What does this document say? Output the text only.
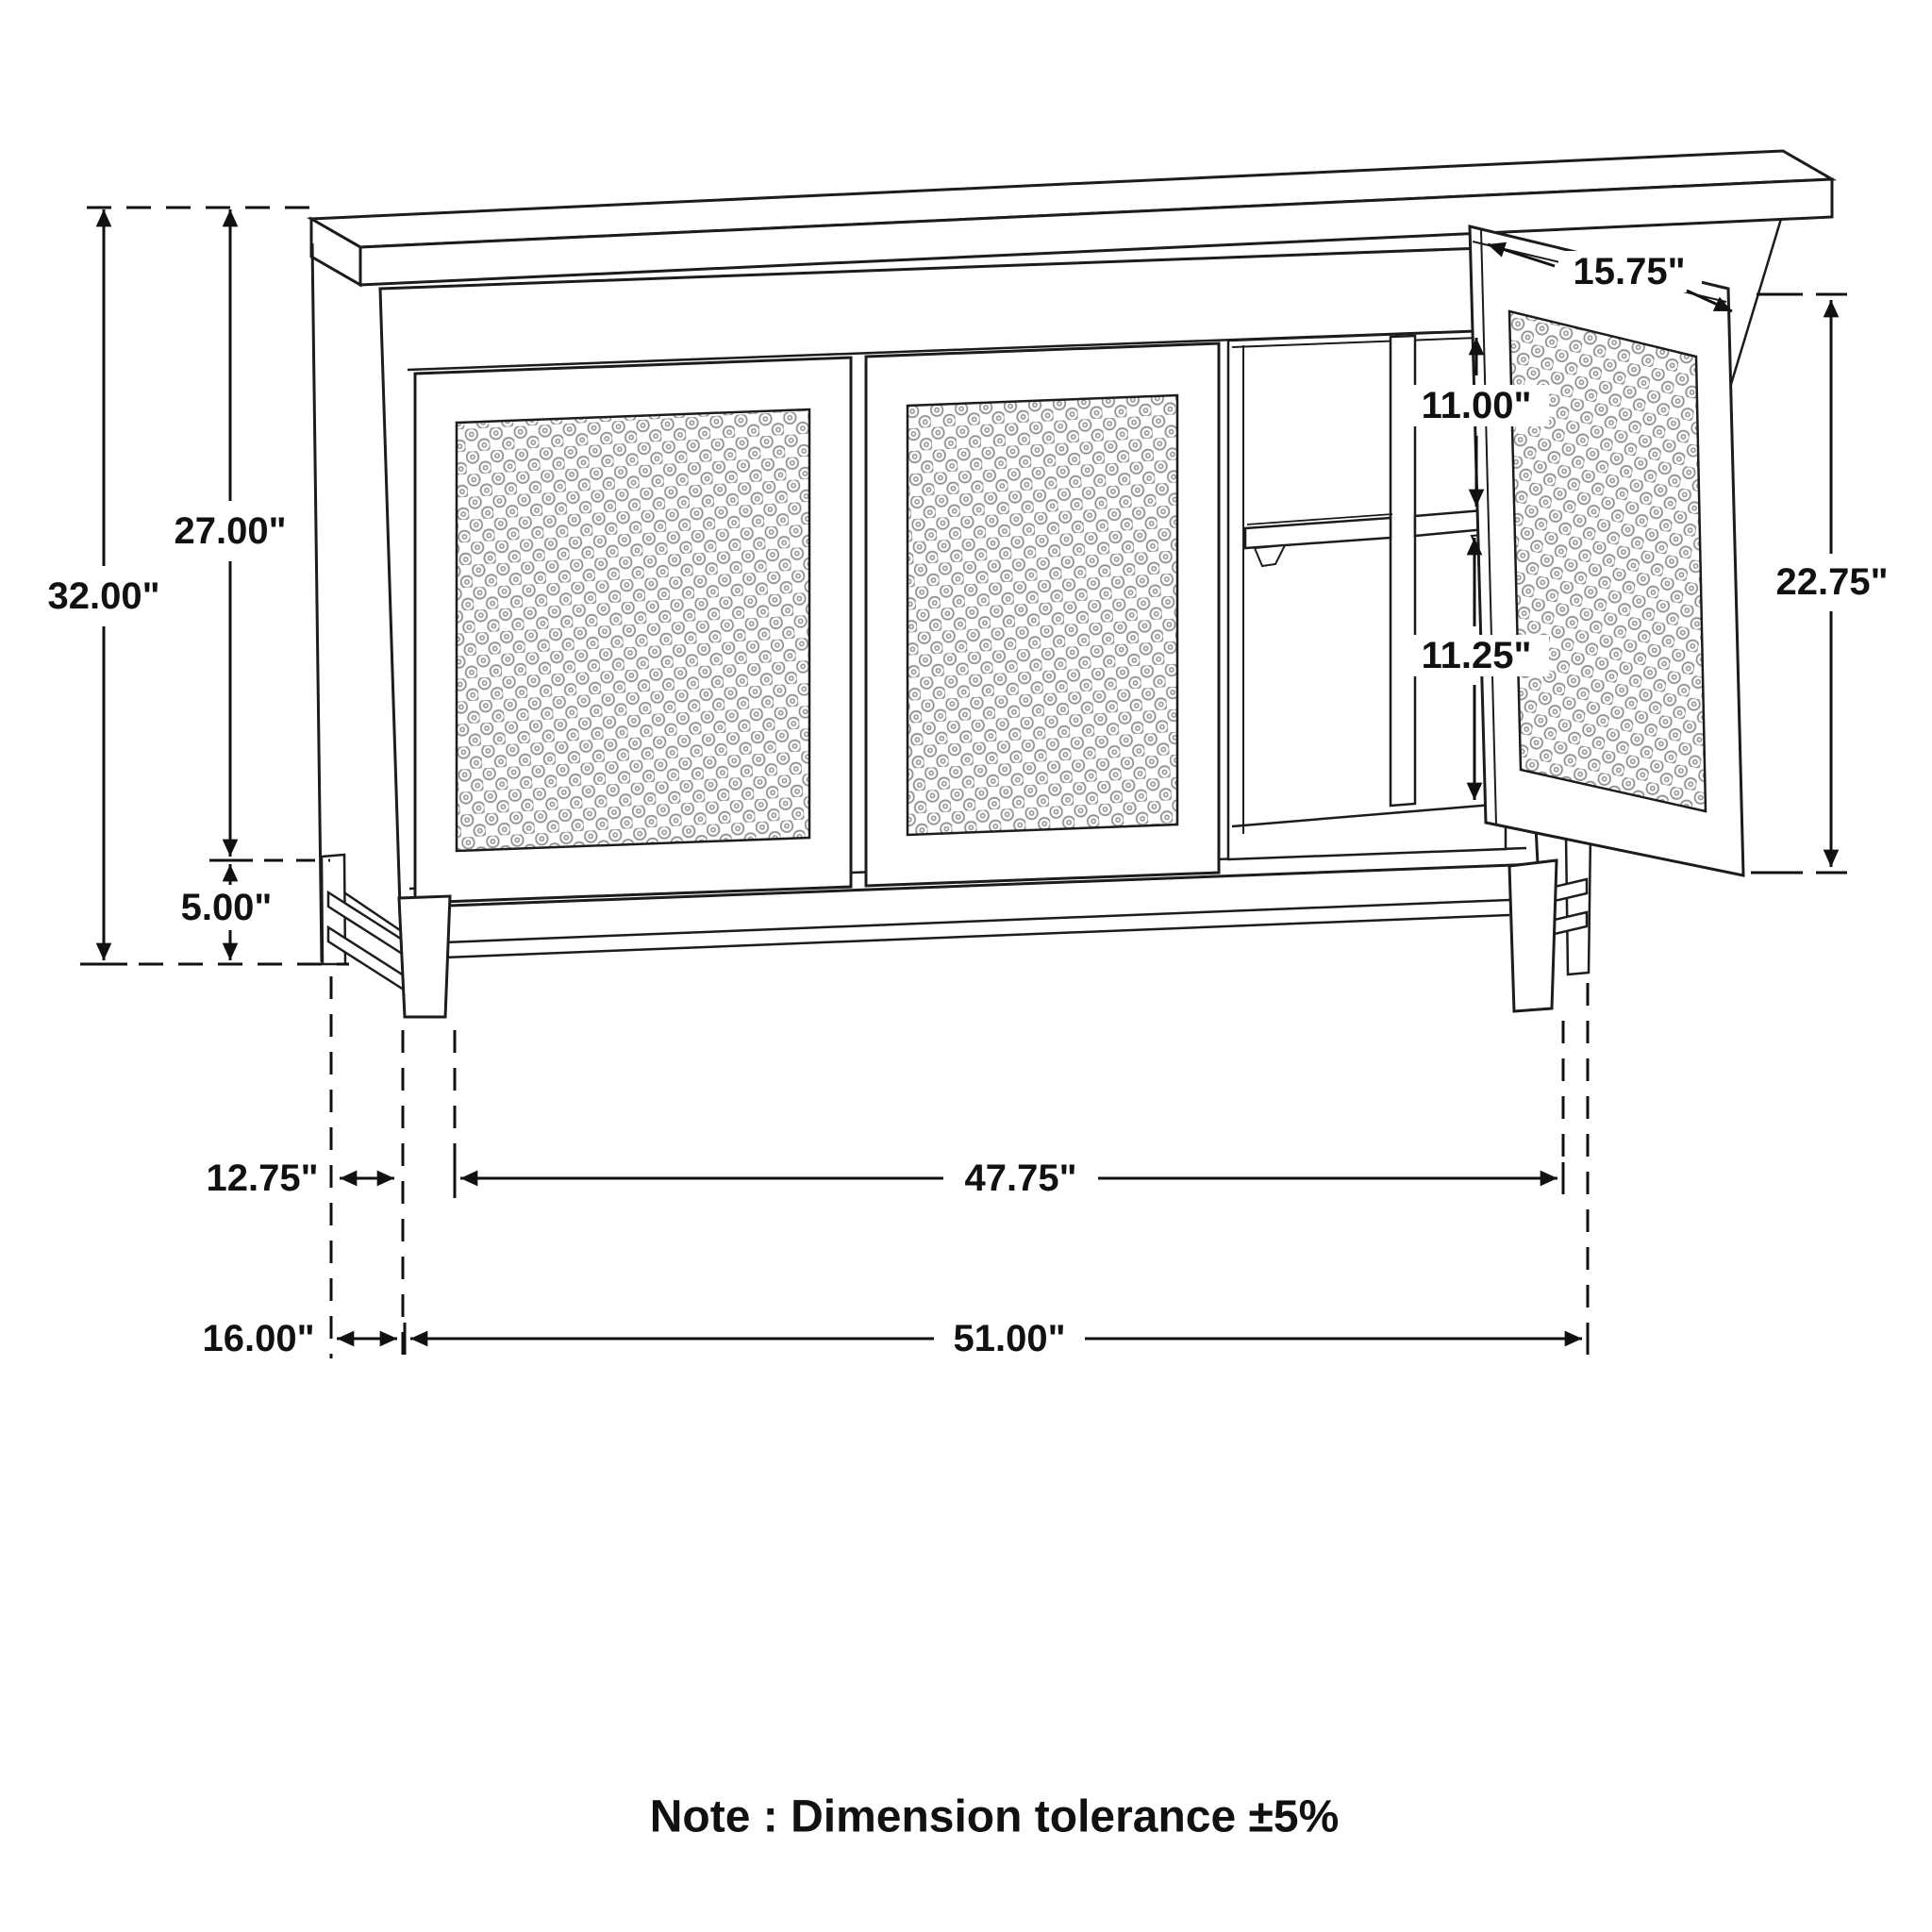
32.00"
27.00"
5.00"
12.75"	47.75"
16.00"	51.00"
11.00"
11.25"
15.75"
22.75"
Note : Dimension tolerance ±5%
